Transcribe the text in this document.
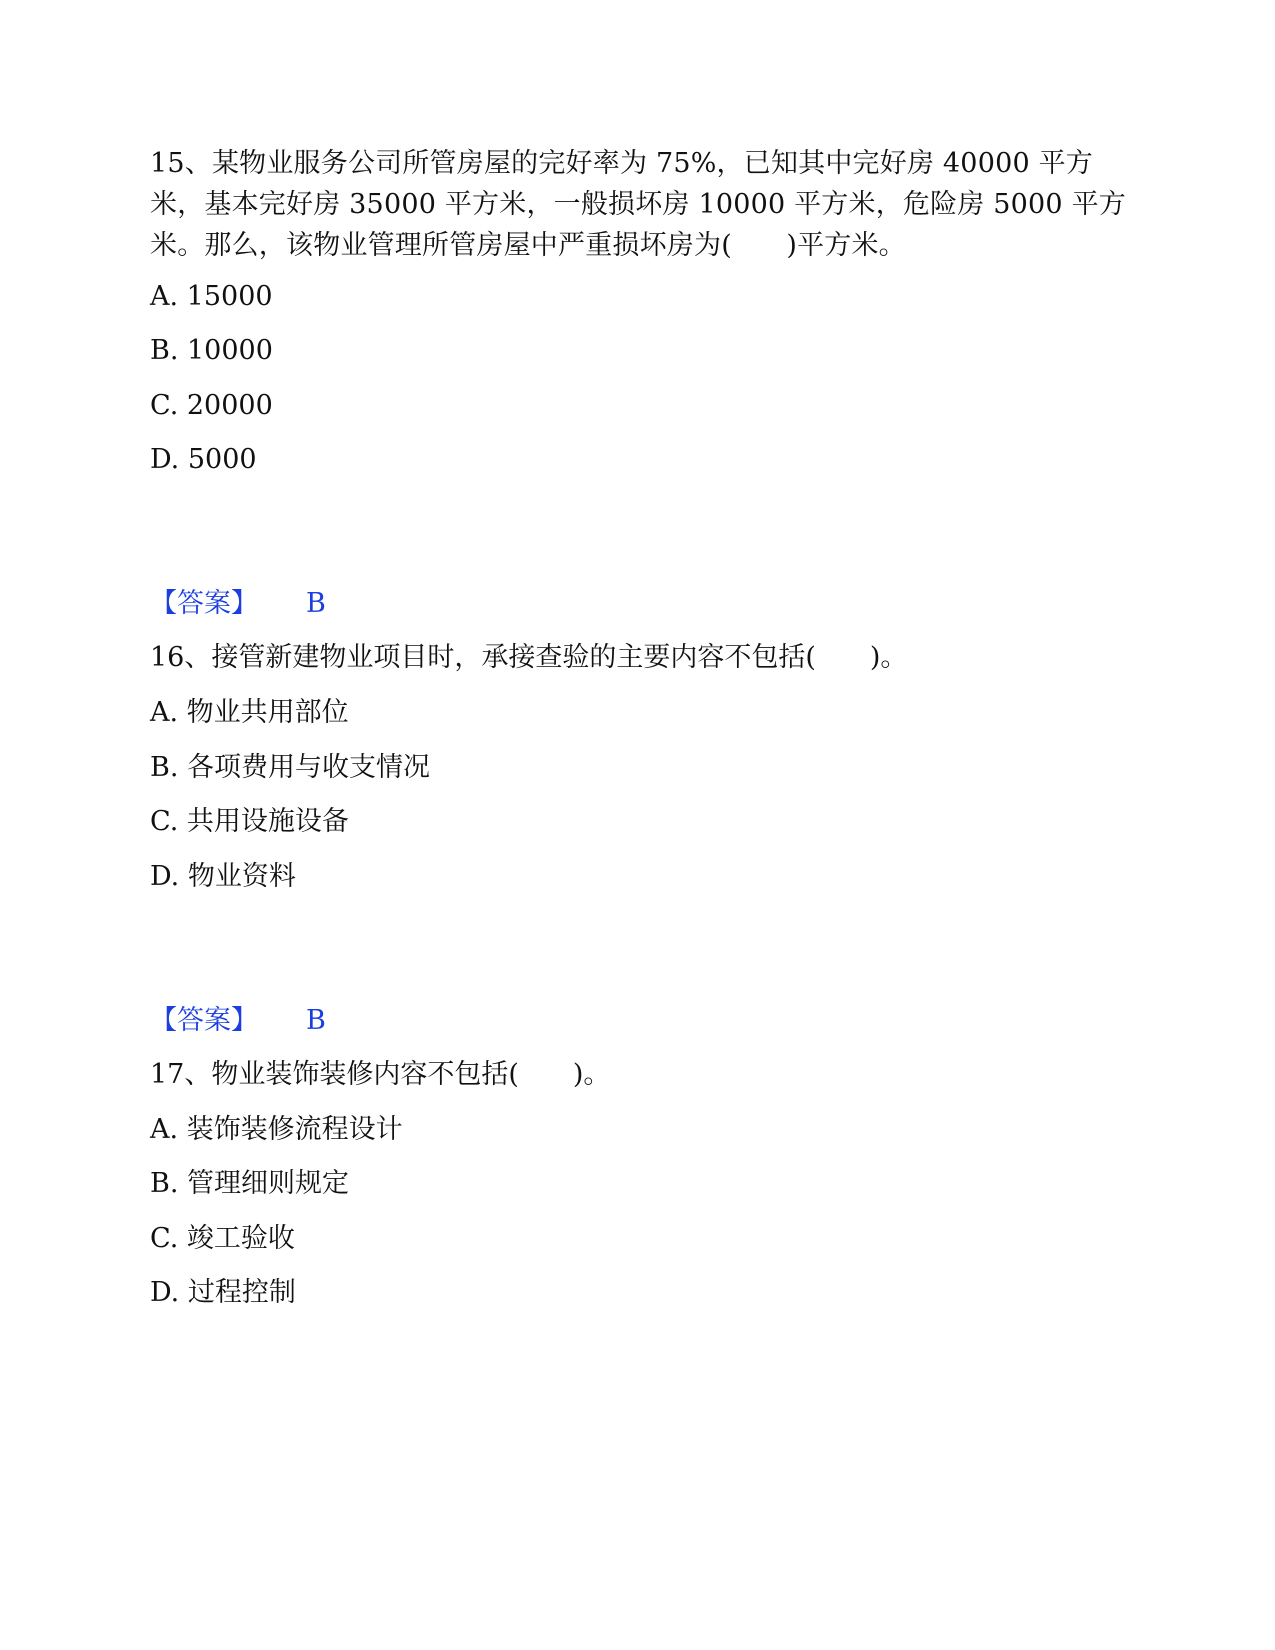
15、某物业服务公司所管房屋的完好率为 75%，已知其中完好房 40000 平方米，基本完好房 35000 平方米，一般损坏房 10000 平方米，危险房 5000 平方米。那么，该物业管理所管房屋中严重损坏房为(　　)平方米。
A. 15000
B. 10000
C. 20000
D. 5000
【答案】 B
16、接管新建物业项目时，承接查验的主要内容不包括(　　)。
A. 物业共用部位
B. 各项费用与收支情况
C. 共用设施设备
D. 物业资料
【答案】 B
17、物业装饰装修内容不包括(　　)。
A. 装饰装修流程设计
B. 管理细则规定
C. 竣工验收
D. 过程控制
